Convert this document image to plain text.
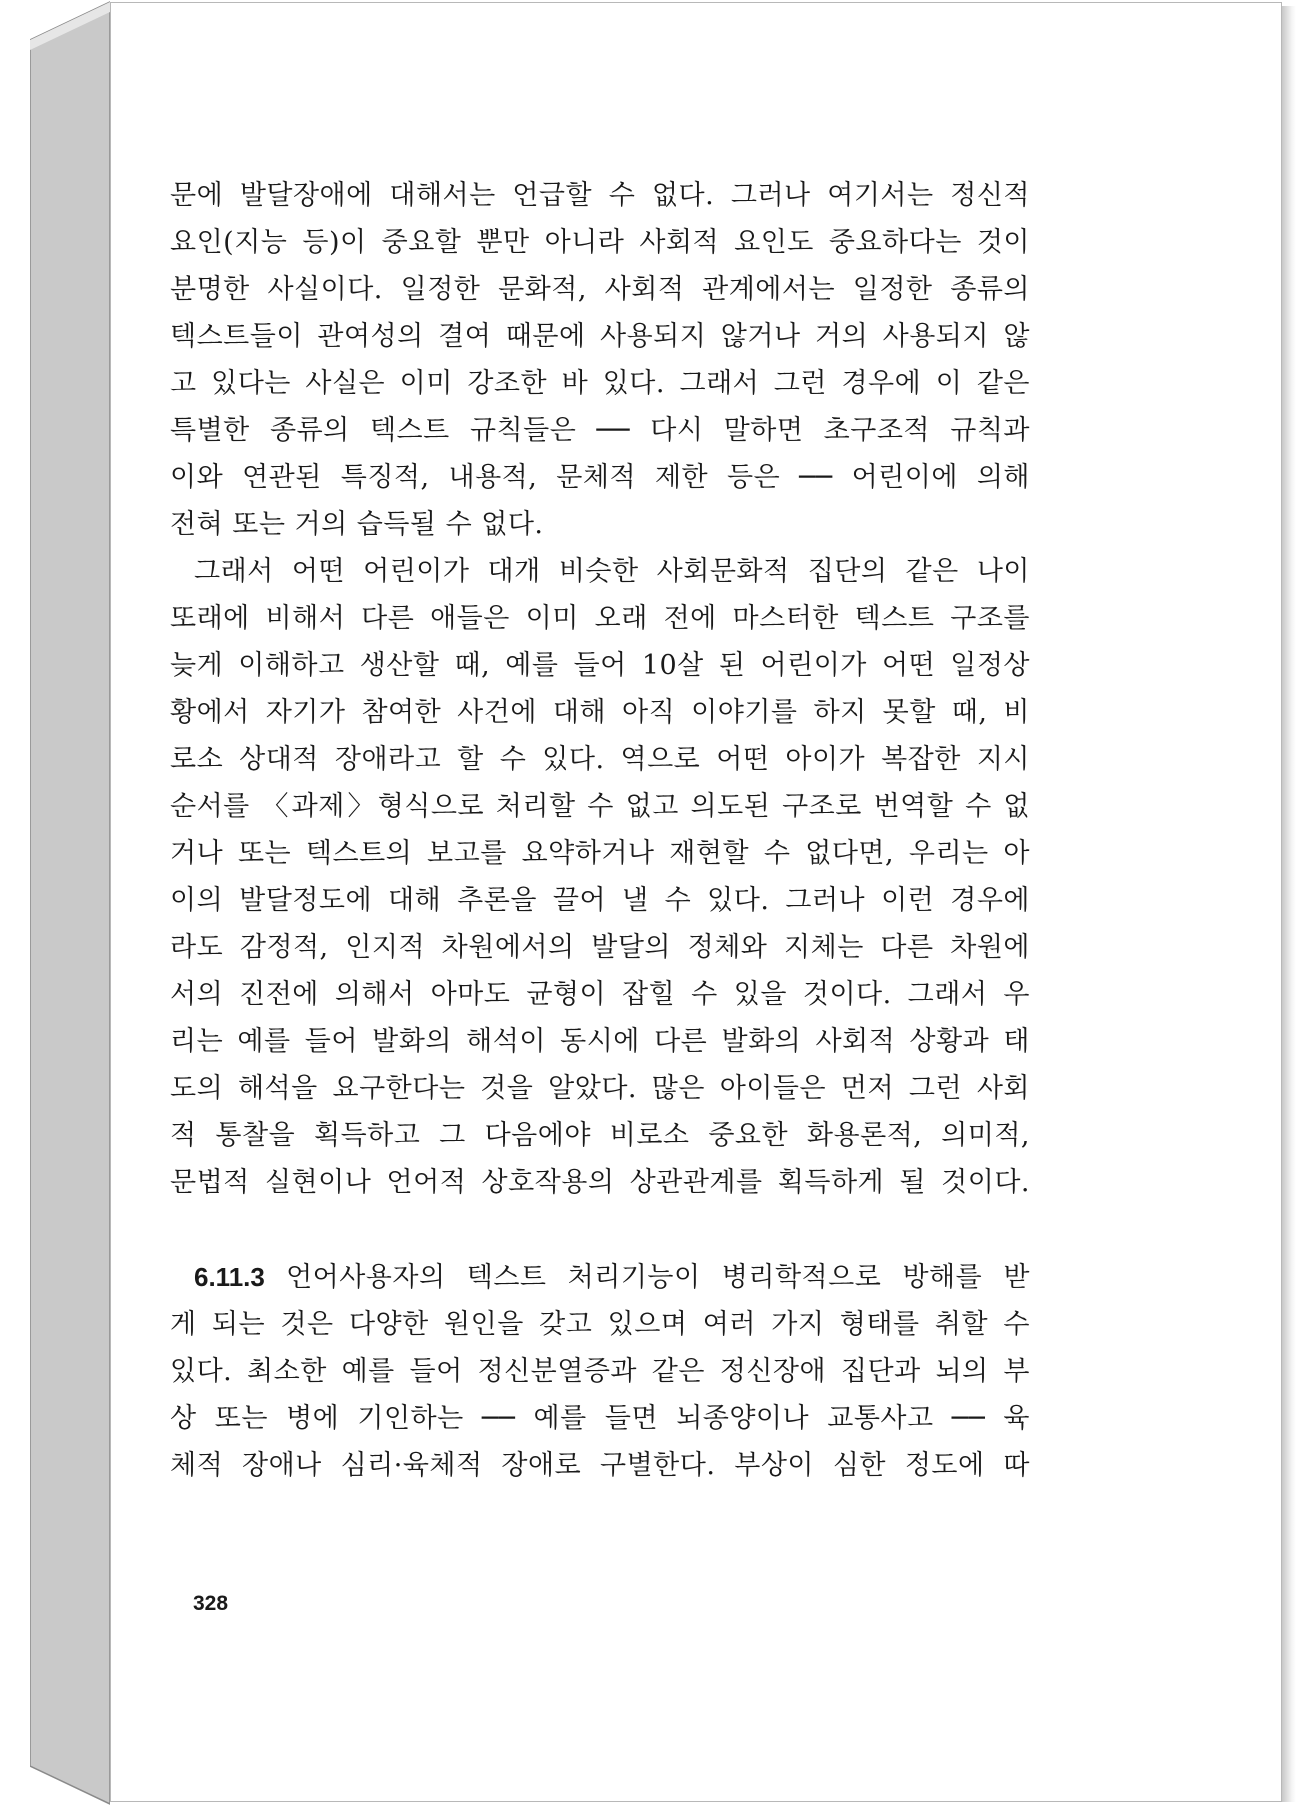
문에 발달장애에 대해서는 언급할 수 없다. 그러나 여기서는 정신적
요인(지능 등)이 중요할 뿐만 아니라 사회적 요인도 중요하다는 것이
분명한 사실이다. 일정한 문화적, 사회적 관계에서는 일정한 종류의
텍스트들이 관여성의 결여 때문에 사용되지 않거나 거의 사용되지 않
고 있다는 사실은 이미 강조한 바 있다. 그래서 그런 경우에 이 같은
특별한 종류의 텍스트 규칙들은 ── 다시 말하면 초구조적 규칙과
이와 연관된 특징적, 내용적, 문체적 제한 등은 ── 어린이에 의해
전혀 또는 거의 습득될 수 없다.
그래서 어떤 어린이가 대개 비슷한 사회문화적 집단의 같은 나이
또래에 비해서 다른 애들은 이미 오래 전에 마스터한 텍스트 구조를
늦게 이해하고 생산할 때, 예를 들어 10살 된 어린이가 어떤 일정상
황에서 자기가 참여한 사건에 대해 아직 이야기를 하지 못할 때, 비
로소 상대적 장애라고 할 수 있다. 역으로 어떤 아이가 복잡한 지시
순서를 〈과제〉형식으로 처리할 수 없고 의도된 구조로 번역할 수 없
거나 또는 텍스트의 보고를 요약하거나 재현할 수 없다면, 우리는 아
이의 발달정도에 대해 추론을 끌어 낼 수 있다. 그러나 이런 경우에
라도 감정적, 인지적 차원에서의 발달의 정체와 지체는 다른 차원에
서의 진전에 의해서 아마도 균형이 잡힐 수 있을 것이다. 그래서 우
리는 예를 들어 발화의 해석이 동시에 다른 발화의 사회적 상황과 태
도의 해석을 요구한다는 것을 알았다. 많은 아이들은 먼저 그런 사회
적 통찰을 획득하고 그 다음에야 비로소 중요한 화용론적, 의미적,
문법적 실현이나 언어적 상호작용의 상관관계를 획득하게 될 것이다.
6.11.3 언어사용자의 텍스트 처리기능이 병리학적으로 방해를 받
게 되는 것은 다양한 원인을 갖고 있으며 여러 가지 형태를 취할 수
있다. 최소한 예를 들어 정신분열증과 같은 정신장애 집단과 뇌의 부
상 또는 병에 기인하는 ── 예를 들면 뇌종양이나 교통사고 ── 육
체적 장애나 심리·육체적 장애로 구별한다. 부상이 심한 정도에 따
328
